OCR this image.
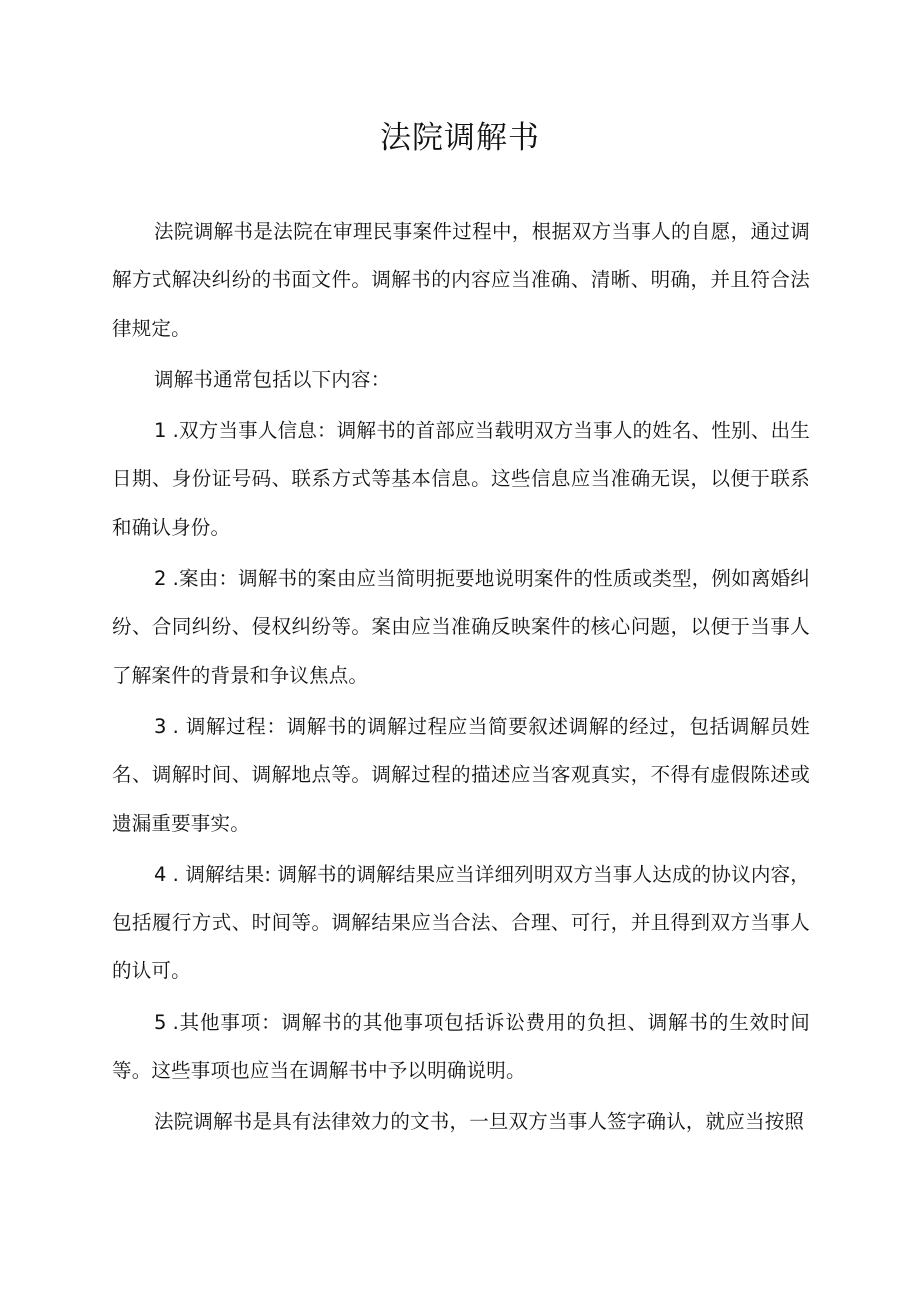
法院调解书

法院调解书是法院在审理民事案件过程中，根据双方当事人的自愿，通过调解方式解决纠纷的书面文件。调解书的内容应当准确、清晰、明确，并且符合法律规定。

调解书通常包括以下内容：

1 .双方当事人信息：调解书的首部应当载明双方当事人的姓名、性别、出生日期、身份证号码、联系方式等基本信息。这些信息应当准确无误，以便于联系和确认身份。

2 .案由：调解书的案由应当简明扼要地说明案件的性质或类型，例如离婚纠纷、合同纠纷、侵权纠纷等。案由应当准确反映案件的核心问题，以便于当事人了解案件的背景和争议焦点。

3 . 调解过程：调解书的调解过程应当简要叙述调解的经过，包括调解员姓名、调解时间、调解地点等。调解过程的描述应当客观真实，不得有虚假陈述或遗漏重要事实。

4 . 调解结果: 调解书的调解结果应当详细列明双方当事人达成的协议内容，包括履行方式、时间等。调解结果应当合法、合理、可行，并且得到双方当事人的认可。

5 .其他事项：调解书的其他事项包括诉讼费用的负担、调解书的生效时间等。这些事项也应当在调解书中予以明确说明。

法院调解书是具有法律效力的文书，一旦双方当事人签字确认，就应当按照
